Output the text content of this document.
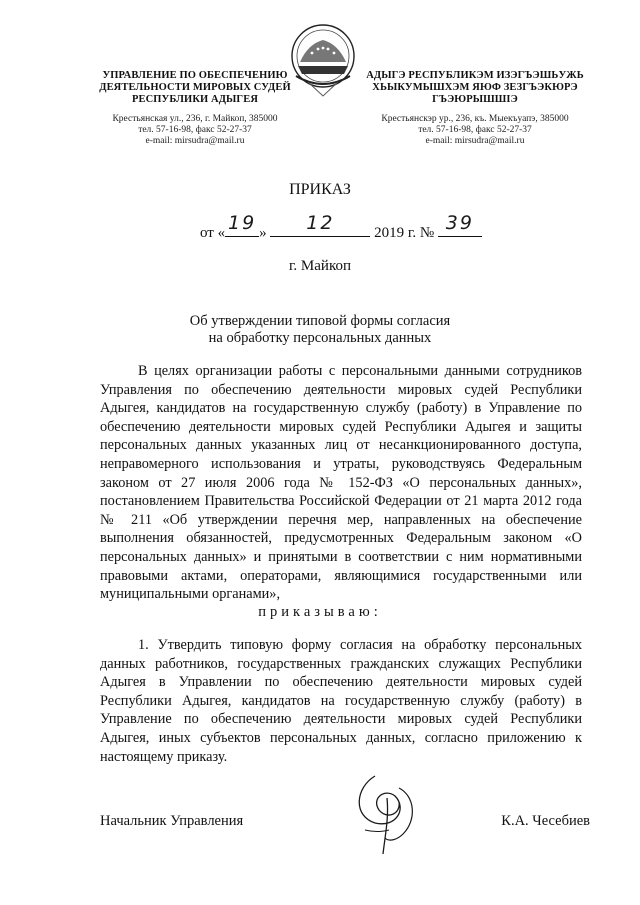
УПРАВЛЕНИЕ ПО ОБЕСПЕЧЕНИЮ
ДЕЯТЕЛЬНОСТИ МИРОВЫХ СУДЕЙ
РЕСПУБЛИКИ АДЫГЕЯ
Крестьянская ул., 236, г. Майкоп, 385000
тел. 57-16-98, факс 52-27-37
e-mail: mirsudra@mail.ru
АДЫГЭ РЕСПУБЛИКЭМ ИЗЭГЪЭШЬУЖЬ
ХЬЫКУМЫШХЭМ ЯЮФ ЗЕЗГЪЭКЮРЭ
ГЪЭЮРЫШШIЭ
Крестьянскэр ур., 236, къ. Мыекъуапэ, 385000
тел. 57-16-98, факс 52-27-37
e-mail: mirsudra@mail.ru
ПРИКАЗ
от « 19 »	12	2019 г. № 39
г. Майкоп
Об утверждении типовой формы согласия
на обработку персональных данных
В целях организации работы с персональными данными сотрудников Управления по обеспечению деятельности мировых судей Республики Адыгея, кандидатов на государственную службу (работу) в Управление по обеспечению деятельности мировых судей Республики Адыгея и защиты персональных данных указанных лиц от несанкционированного доступа, неправомерного использования и утраты, руководствуясь Федеральным законом от 27 июля 2006 года № 152-ФЗ «О персональных данных», постановлением Правительства Российской Федерации от 21 марта 2012 года № 211 «Об утверждении перечня мер, направленных на обеспечение выполнения обязанностей, предусмотренных Федеральным законом «О персональных данных» и принятыми в соответствии с ним нормативными правовыми актами, операторами, являющимися государственными или муниципальными органами»,
приказываю:
1. Утвердить типовую форму согласия на обработку персональных данных работников, государственных гражданских служащих Республики Адыгея в Управлении по обеспечению деятельности мировых судей Республики Адыгея, кандидатов на государственную службу (работу) в Управление по обеспечению деятельности мировых судей Республики Адыгея, иных субъектов персональных данных, согласно приложению к настоящему приказу.
Начальник Управления	К.А. Чесебиев
